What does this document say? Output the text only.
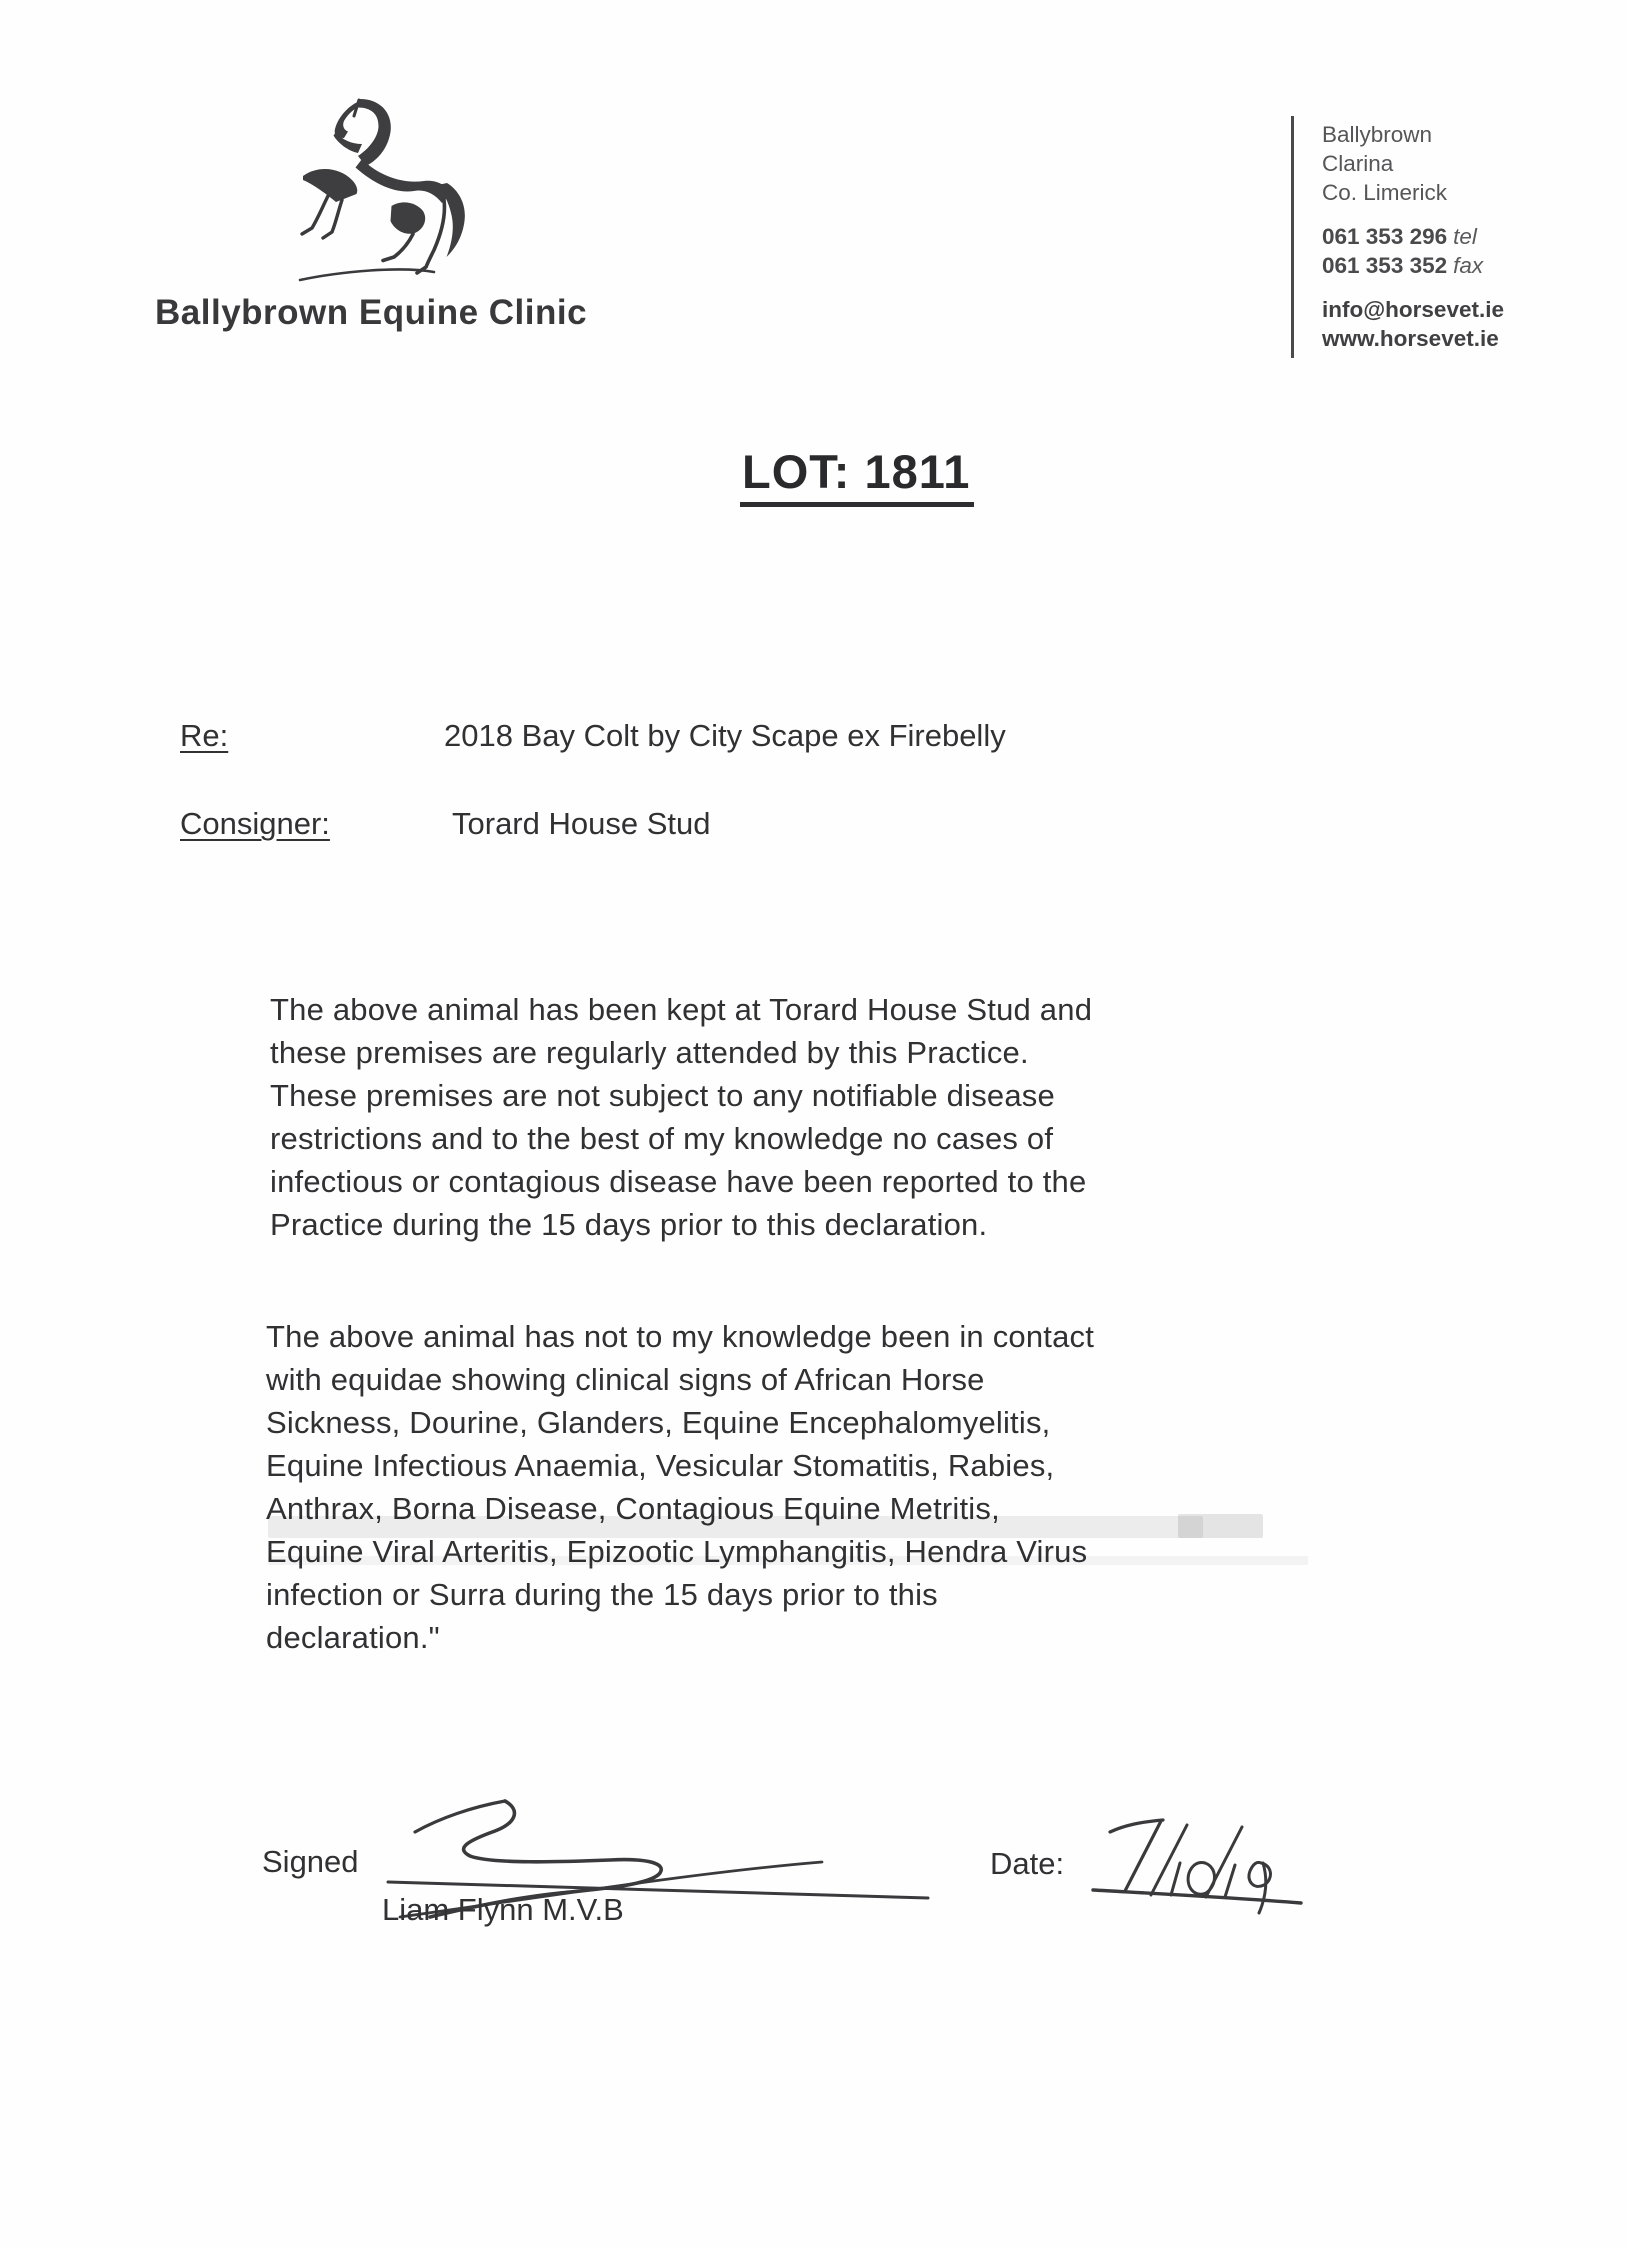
Ballybrown Equine Clinic
Ballybrown
Clarina
Co. Limerick
061 353 296 tel
061 353 352 fax
info@horsevet.ie
www.horsevet.ie
LOT: 1811
Re:	2018 Bay Colt by City Scape ex Firebelly
Consigner:	Torard House Stud
The above animal has been kept at Torard House Stud and
these premises are regularly attended by this Practice.
These premises are not subject to any notifiable disease
restrictions and to the best of my knowledge no cases of
infectious or contagious disease have been reported to the
Practice during the 15 days prior to this declaration.
The above animal has not to my knowledge been in contact
with equidae showing clinical signs of African Horse
Sickness, Dourine, Glanders, Equine Encephalomyelitis,
Equine Infectious Anaemia, Vesicular Stomatitis, Rabies,
Anthrax, Borna Disease, Contagious Equine Metritis,
Equine Viral Arteritis, Epizootic Lymphangitis, Hendra Virus
infection or Surra during the 15 days prior to this
declaration."
Signed
Liam Flynn M.V.B
Date:
